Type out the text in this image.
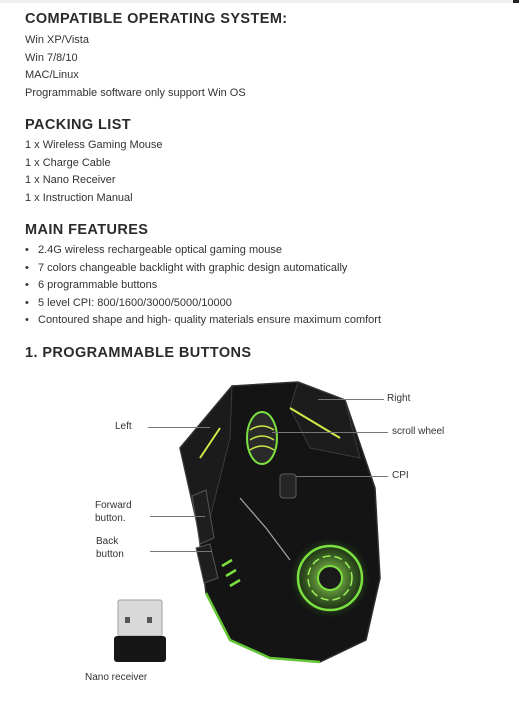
COMPATIBLE OPERATING SYSTEM:
Win XP/Vista
Win 7/8/10
MAC/Linux
Programmable software only support Win OS
PACKING LIST
1 x Wireless Gaming Mouse
1 x Charge Cable
1 x Nano Receiver
1 x Instruction Manual
MAIN FEATURES
• 2.4G wireless rechargeable optical gaming mouse
• 7 colors changeable backlight with graphic design automatically
• 6 programmable buttons
• 5 level CPI: 800/1600/3000/5000/10000
• Contoured shape and high- quality materials ensure maximum comfort
1. PROGRAMMABLE BUTTONS
Right
Left	scroll wheel
CPI
Forward
button.
Back
button
Nano receiver
